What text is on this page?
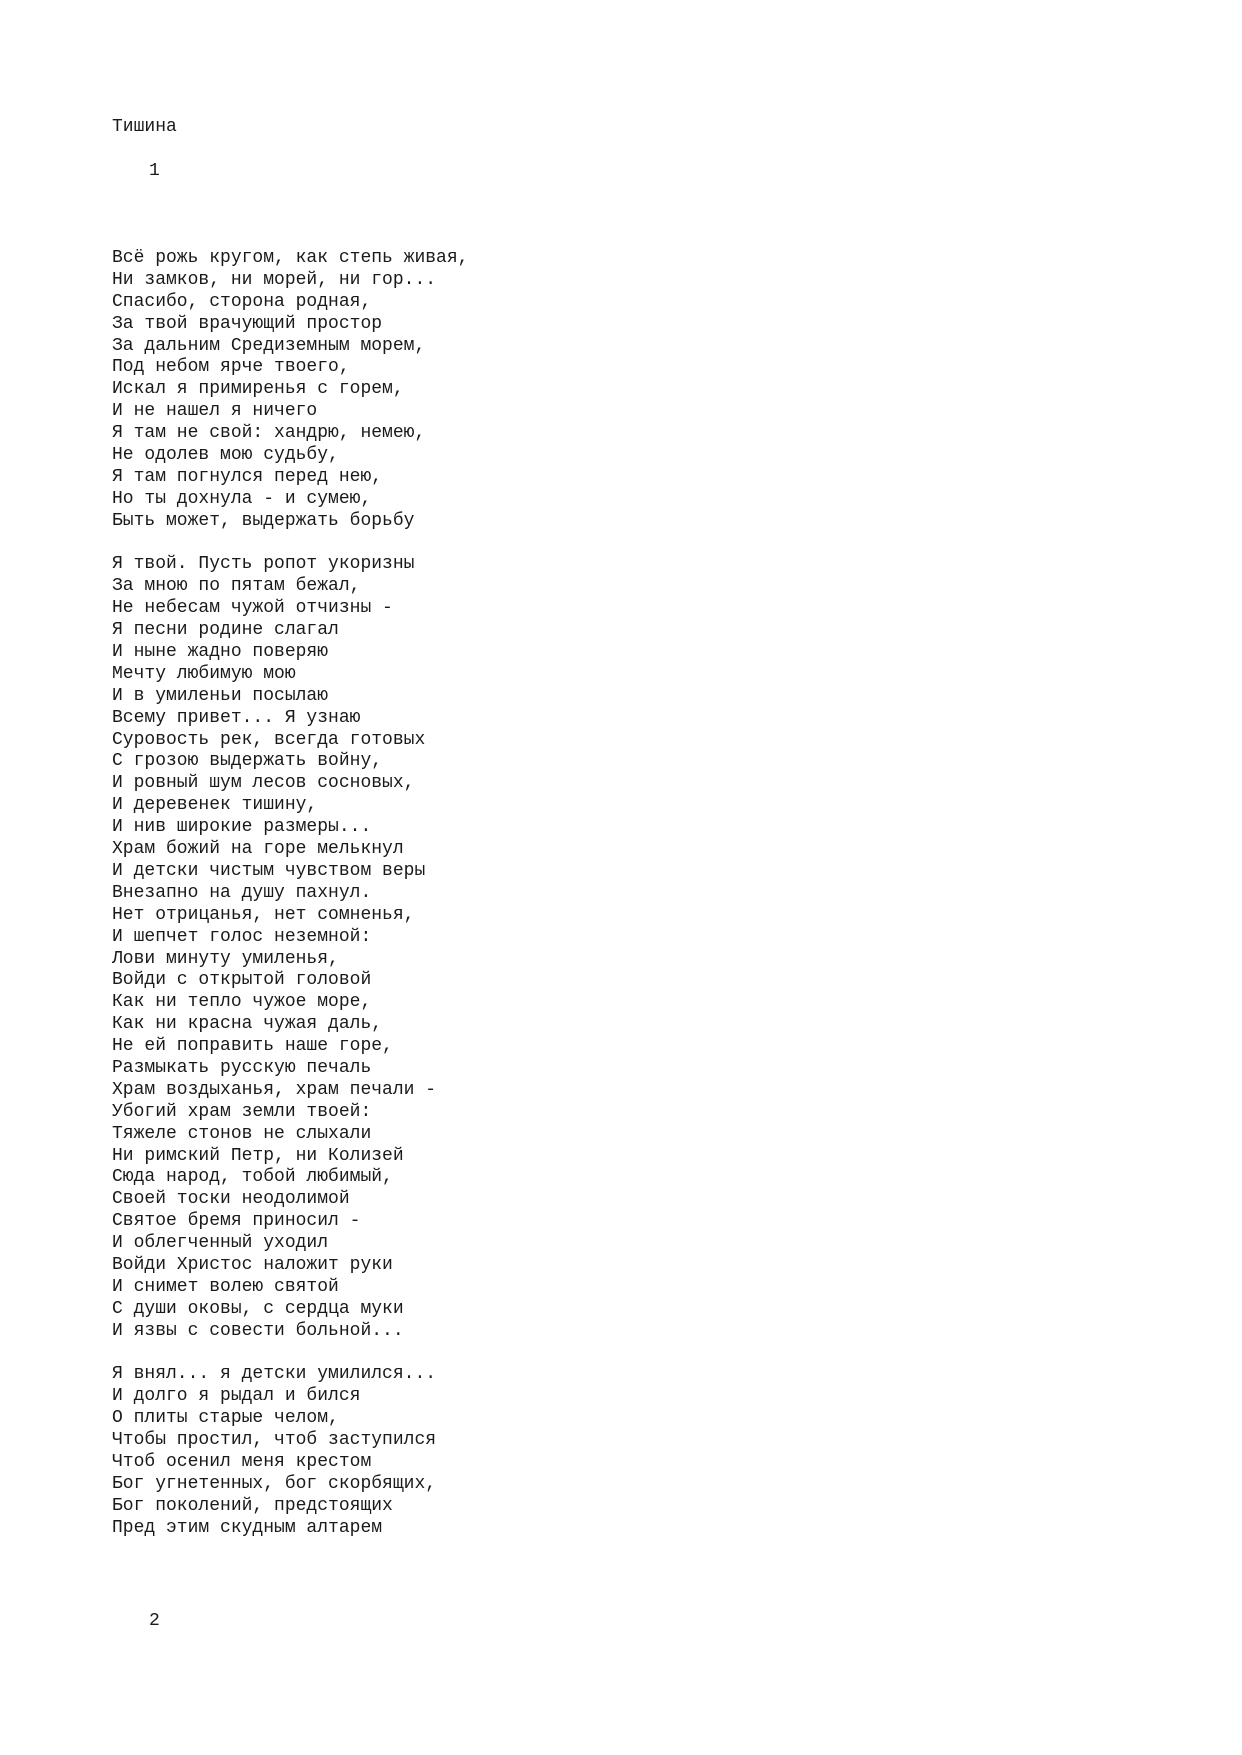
Тишина
1
Всё рожь кругом, как степь живая,
Ни замков, ни морей, ни гор...
Спасибо, сторона родная,
За твой врачующий простор
За дальним Средиземным морем,
Под небом ярче твоего,
Искал я примиренья с горем,
И не нашел я ничего
Я там не свой: хандрю, немею,
Не одолев мою судьбу,
Я там погнулся перед нею,
Но ты дохнула - и сумею,
Быть может, выдержать борьбу
Я твой. Пусть ропот укоризны
За мною по пятам бежал,
Не небесам чужой отчизны -
Я песни родине слагал
И ныне жадно поверяю
Мечту любимую мою
И в умиленьи посылаю
Всему привет... Я узнаю
Суровость рек, всегда готовых
С грозою выдержать войну,
И ровный шум лесов сосновых,
И деревенек тишину,
И нив широкие размеры...
Храм божий на горе мелькнул
И детски чистым чувством веры
Внезапно на душу пахнул.
Нет отрицанья, нет сомненья,
И шепчет голос неземной:
Лови минуту умиленья,
Войди с открытой головой
Как ни тепло чужое море,
Как ни красна чужая даль,
Не ей поправить наше горе,
Размыкать русскую печаль
Храм воздыханья, храм печали -
Убогий храм земли твоей:
Тяжеле стонов не слыхали
Ни римский Петр, ни Колизей
Сюда народ, тобой любимый,
Своей тоски неодолимой
Святое бремя приносил -
И облегченный уходил
Войди Христос наложит руки
И снимет волею святой
С души оковы, с сердца муки
И язвы с совести больной...
Я внял... я детски умилился...
И долго я рыдал и бился
О плиты старые челом,
Чтобы простил, чтоб заступился
Чтоб осенил меня крестом
Бог угнетенных, бог скорбящих,
Бог поколений, предстоящих
Пред этим скудным алтарем
2
